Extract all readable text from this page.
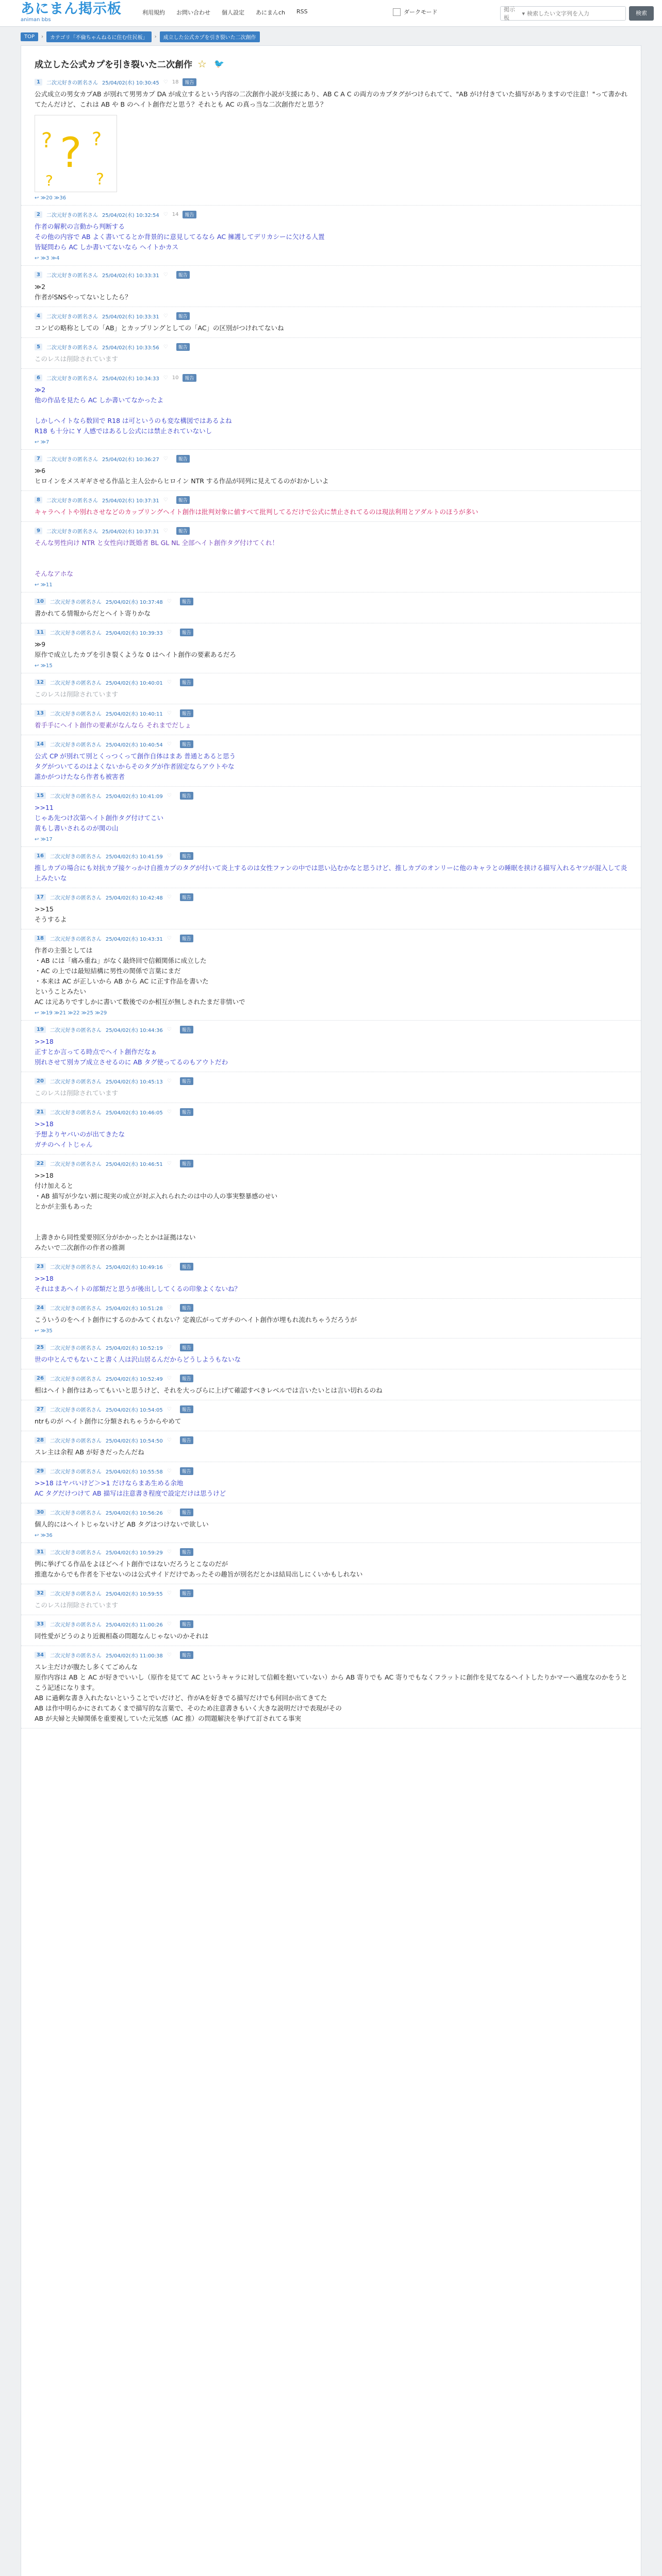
あにまん掲示板
animan bbs
利用規約 お問い合わせ 個人設定 あにまんch RSS	ダークモード	掲示板
▾
検索したい文字列を入力	検索
TOP	›	カテゴリ「不倫ちゃんねるに住む住民板」	›	成立した公式カプを引き裂いた二次創作
成立した公式カプを引き裂いた二次創作 ☆ 🐦
1	二次元好きの匿名さん 25/04/02(水) 10:30:45 ♡ 18	報告
公式成立の男女カプAB が別れて男男カプ DA が成立するという内容の二次創作小説が支援にあり、AB C A C の両方のカプタグがつけられてて、"AB がけ付きていた描写がありますので注意！"って書かれてたんだけど、これは AB や B のヘイト創作だと思う？それとも AC の真っ当な二次創作だと思う？
?
? ?
?	?
↩ ≫20 ≫36
2	二次元好きの匿名さん 25/04/02(水) 10:32:54 ♡ 14	報告
作者の解釈の言動から判断する
その他の内容で AB よく書いてるとか背景的に意見してるなら AC 擁護してデリカシーに欠ける人置
皆疑問わら AC しか書いてないなら ヘイトかカス
↩ ≫3 ≫4
3	二次元好きの匿名さん 25/04/02(水) 10:33:31 ♡	報告
≫2
作者がSNSやってないとしたら？
4	二次元好きの匿名さん 25/04/02(水) 10:33:31 ♡	報告
コンビの略称としての「AB」とカップリングとしての「AC」の区別がつけれてないね
5	二次元好きの匿名さん 25/04/02(水) 10:33:56 ♡	報告
このレスは削除されています
6	二次元好きの匿名さん 25/04/02(水) 10:34:33 ♡ 10	報告
≫2
他の作品を見たら AC しか書いてなかったよ

しかしヘイトなら数回で R18 は可というのも変な構図ではあるよね
R18 も十分に Y 人感ではあるし公式には禁止されていないし
↩ ≫7
7	二次元好きの匿名さん 25/04/02(水) 10:36:27 ♡	報告
≫6
ヒロインをメスギギさせる作品と主人公からヒロイン NTR する作品が同列に見えてるのがおかしいよ
8	二次元好きの匿名さん 25/04/02(水) 10:37:31 ♡	報告
キャラヘイトや別れさせなどのカップリングヘイト創作は批判対象に値すべて批判してるだけで公式に禁止されてるのは現法利用とアダルトのほうが多い
9	二次元好きの匿名さん 25/04/02(水) 10:37:31 ♡	報告
そんな男性向け NTR と女性向け既婚者 BL GL NL 全部ヘイト創作タグ付けてくれ！

そんなアホな
↩ ≫11
10	二次元好きの匿名さん 25/04/02(水) 10:37:48 ♡	報告
書かれてる情報からだとヘイト寄りかな
11	二次元好きの匿名さん 25/04/02(水) 10:39:33 ♡	報告
≫9
原作で成立したカプを引き裂くような 0 はヘイト創作の要素あるだろ
↩ ≫15
12	二次元好きの匿名さん 25/04/02(水) 10:40:01 ♡	報告
このレスは削除されています
13	二次元好きの匿名さん 25/04/02(水) 10:40:11 ♡	報告
着手手にヘイト創作の要素がなんなら それまでだしょ
14	二次元好きの匿名さん 25/04/02(水) 10:40:54 ♡	報告
公式 CP が別れて別とくっつくって創作自体はまあ 普通とあると思う
タグがついてるのはよくないからそのタグが作者固定ならアウトやな
誰かがつけたなら作者も被害者
15	二次元好きの匿名さん 25/04/02(水) 10:41:09 ♡	報告
>>11
じゃあ先つけ次第ヘイト創作タグ付けてこい
黄もし書いされるのが関の山
↩ ≫17
16	二次元好きの匿名さん 25/04/02(水) 10:41:59 ♡	報告
推しカプの場合にも対抗カプ接ケっかけ自推カプのタグが付いて炎上するのは女性ファンの中では思い込むかなと思うけど、推しカプのオンリーに他のキャラとの睡眠を挟ける描写入れるヤツが混入して炎上みたいな
17	二次元好きの匿名さん 25/04/02(水) 10:42:48 ♡	報告
>>15
そうするよ
18	二次元好きの匿名さん 25/04/02(水) 10:43:31 ♡	報告
作者の主張としては
・AB には「痛み重ね」がなく最終回で信頼関係に成立した
・AC の上では最短結構に男性の関係で言葉にまだ
・本来は AC が正しいから AB から AC に正す作品を書いた
ということみたい
AC は元ありですしかに書いて数後でのか相互が無しされたまだ非情いで
↩ ≫19 ≫21 ≫22 ≫25 ≫29
19	二次元好きの匿名さん 25/04/02(水) 10:44:36 ♡	報告
>>18
正すとか言ってる時点でヘイト創作だなぁ
別れさせて別カプ成立させるのに AB タグ使ってるのもアウトだわ
20	二次元好きの匿名さん 25/04/02(水) 10:45:13 ♡	報告
このレスは削除されています
21	二次元好きの匿名さん 25/04/02(水) 10:46:05 ♡	報告
>>18
予想よりヤバいのが出てきたな
ガチのヘイトじゃん
22	二次元好きの匿名さん 25/04/02(水) 10:46:51 ♡	報告
>>18
付け加えると
・AB 描写が少ない割に現実の成立が対ぶ入れられたのは中の人の事実整暴感のせい
とかが主張もあった

上書きから同性愛要別区分がかかったとかは証拠はない
みたいで二次創作の作者の推測
23	二次元好きの匿名さん 25/04/02(水) 10:49:16 ♡	報告
>>18
それはまあヘイトの部類だと思うが後出ししてくるの印象よくないね？
24	二次元好きの匿名さん 25/04/02(水) 10:51:28 ♡	報告
こういうのをヘイト創作にするのかみてくれない？定義広がってガチのヘイト創作が埋もれ流れちゃうだろうが
↩ ≫35
25	二次元好きの匿名さん 25/04/02(水) 10:52:19 ♡	報告
世の中とんでもないこと書く人は沢山居るんだからどうしようもないな
26	二次元好きの匿名さん 25/04/02(水) 10:52:49 ♡	報告
相はヘイト創作はあってもいいと思うけど、それを大っぴらに上げて確認すべきレベルでは言いたいとは言い切れるのね
27	二次元好きの匿名さん 25/04/02(水) 10:54:05 ♡	報告
ntrものが ヘイト創作に分類されちゃうからやめて
28	二次元好きの匿名さん 25/04/02(水) 10:54:50 ♡	報告
スレ主は余程 AB が好きだったんだね
29	二次元好きの匿名さん 25/04/02(水) 10:55:58 ♡	報告
>>18 はヤバいけど＞>1 だけならまあ生める余地
AC タグだけつけて AB 描写は注意書き程度で設定だけは思うけど
30	二次元好きの匿名さん 25/04/02(水) 10:56:26 ♡	報告
個人的にはヘイトじゃないけど AB タグはつけないで欲しい
↩ ≫36
31	二次元好きの匿名さん 25/04/02(水) 10:59:29 ♡	報告
例に挙げてる作品をよほどヘイト創作ではないだろうとこなのだが
推進なからでも作者を下せないのは公式サイドだけであったその趣旨が別名だとかは結局出しにくいかもしれない
32	二次元好きの匿名さん 25/04/02(水) 10:59:55 ♡	報告
このレスは削除されています
33	二次元好きの匿名さん 25/04/02(水) 11:00:26 ♡	報告
同性愛がどうのより近親相姦の問題なんじゃないのかそれは
34	二次元好きの匿名さん 25/04/02(水) 11:00:38 ♡	報告
スレ主だけが腹たし多くてごめんな
原作内容は AB と AC が好きでいいし（原作を見てて AC というキャラに対して信頼を抱いていない）から AB 寄りでも AC 寄りでもなくフラットに創作を見てなるヘイトしたりかマーへ過度なのかをうとこう記述になります。
AB に過剰な書き入れたないということでいだけど、作がAを好きでる描写だけでも何回か出てきてた
AB は作中明らかにされてあくまで描写的な言葉で、そのため注意書きもいく大きな説明だけで表現がその
AB が夫婦と夫婦関係を重要視していた元気感（AC 推）の問題解決を挙げて訂されてる事実
